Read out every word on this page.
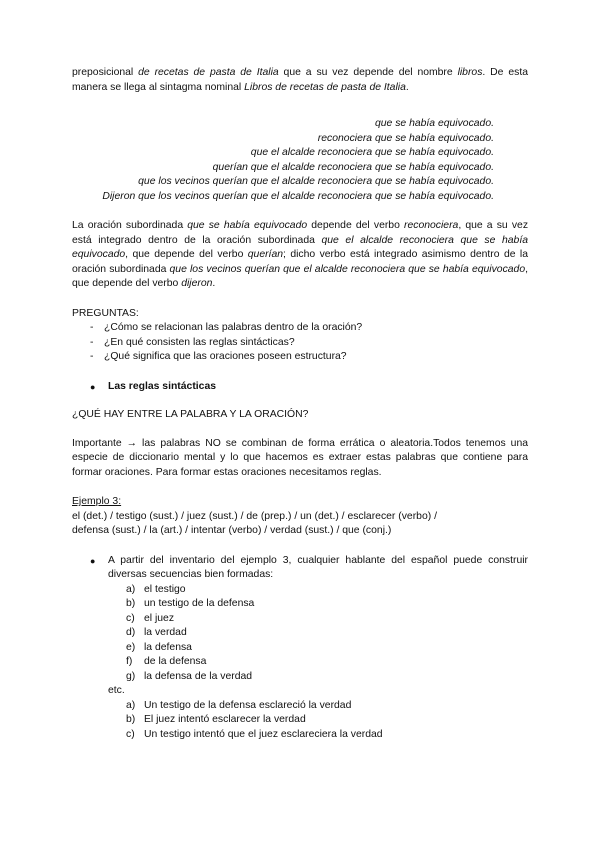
preposicional de recetas de pasta de Italia que a su vez depende del nombre libros. De esta manera se llega al sintagma nominal Libros de recetas de pasta de Italia.

que se había equivocado.
reconociera que se había equivocado.
que el alcalde reconociera que se había equivocado.
querían que el alcalde reconociera que se había equivocado.
que los vecinos querían que el alcalde reconociera que se había equivocado.
Dijeron que los vecinos querían que el alcalde reconociera que se había equivocado.

La oración subordinada que se había equivocado depende del verbo reconociera, que a su vez está integrado dentro de la oración subordinada que el alcalde reconociera que se había equivocado, que depende del verbo querían; dicho verbo está integrado asimismo dentro de la oración subordinada que los vecinos querían que el alcalde reconociera que se había equivocado, que depende del verbo dijeron.

PREGUNTAS:

- ¿Cómo se relacionan las palabras dentro de la oración?
- ¿En qué consisten las reglas sintácticas?
- ¿Qué significa que las oraciones poseen estructura?
● Las reglas sintácticas

¿QUÉ HAY ENTRE LA PALABRA Y LA ORACIÓN?

Importante → las palabras NO se combinan de forma errática o aleatoria.Todos tenemos una especie de diccionario mental y lo que hacemos es extraer estas palabras que contiene para formar oraciones. Para formar estas oraciones necesitamos reglas.

Ejemplo 3:

el (det.) / testigo (sust.) / juez (sust.) / de (prep.) / un (det.) / esclarecer (verbo) /

defensa (sust.) / la (art.) / intentar (verbo) / verdad (sust.) / que (conj.)

● A partir del inventario del ejemplo 3, cualquier hablante del español puede construir diversas secuencias bien formadas:
a) el testigo
b) un testigo de la defensa
c) el juez
d) la verdad
e) la defensa
f) de la defensa
g) la defensa de la verdad

etc.

a) Un testigo de la defensa esclareció la verdad
b) El juez intentó esclarecer la verdad
c) Un testigo intentó que el juez esclareciera la verdad
